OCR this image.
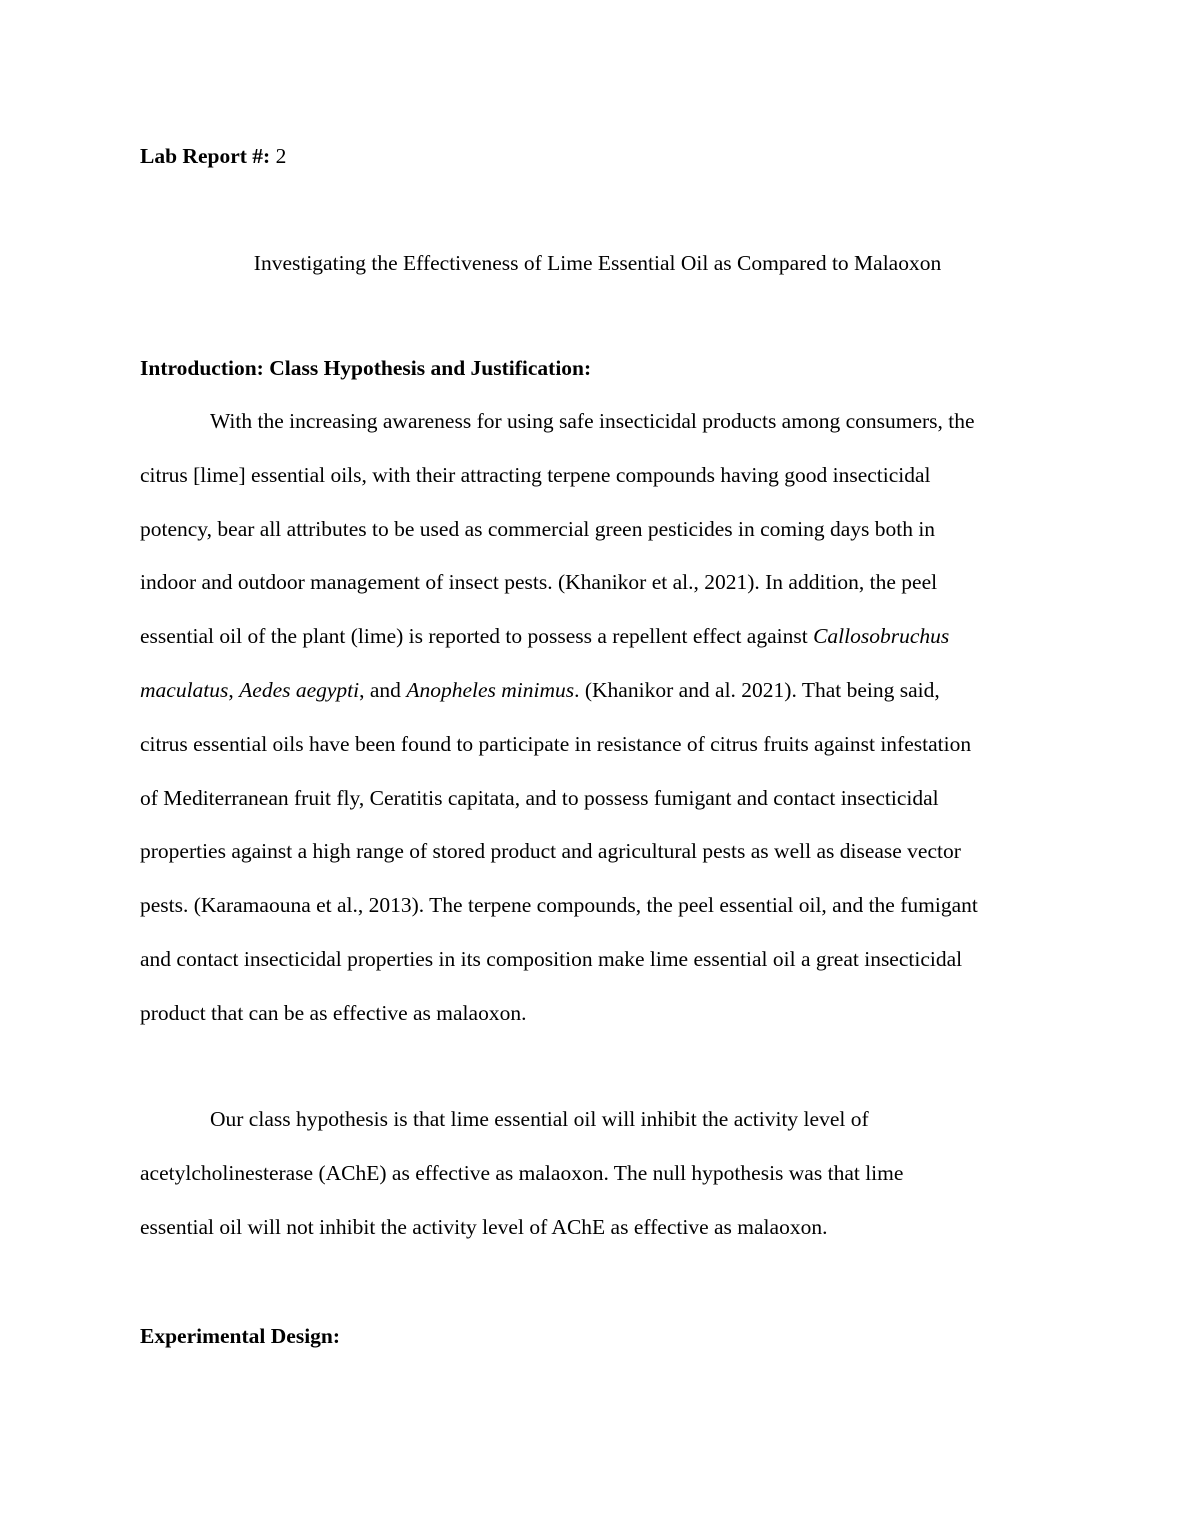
Lab Report #: 2
Investigating the Effectiveness of Lime Essential Oil as Compared to Malaoxon
Introduction: Class Hypothesis and Justification:
With the increasing awareness for using safe insecticidal products among consumers, the
citrus [lime] essential oils, with their attracting terpene compounds having good insecticidal
potency, bear all attributes to be used as commercial green pesticides in coming days both in
indoor and outdoor management of insect pests. (Khanikor et al., 2021). In addition, the peel
essential oil of the plant (lime) is reported to possess a repellent effect against Callosobruchus
maculatus, Aedes aegypti, and Anopheles minimus. (Khanikor and al. 2021). That being said,
citrus essential oils have been found to participate in resistance of citrus fruits against infestation
of Mediterranean fruit fly, Ceratitis capitata, and to possess fumigant and contact insecticidal
properties against a high range of stored product and agricultural pests as well as disease vector
pests. (Karamaouna et al., 2013). The terpene compounds, the peel essential oil, and the fumigant
and contact insecticidal properties in its composition make lime essential oil a great insecticidal
product that can be as effective as malaoxon.
Our class hypothesis is that lime essential oil will inhibit the activity level of
acetylcholinesterase (AChE) as effective as malaoxon. The null hypothesis was that lime
essential oil will not inhibit the activity level of AChE as effective as malaoxon.
Experimental Design:
